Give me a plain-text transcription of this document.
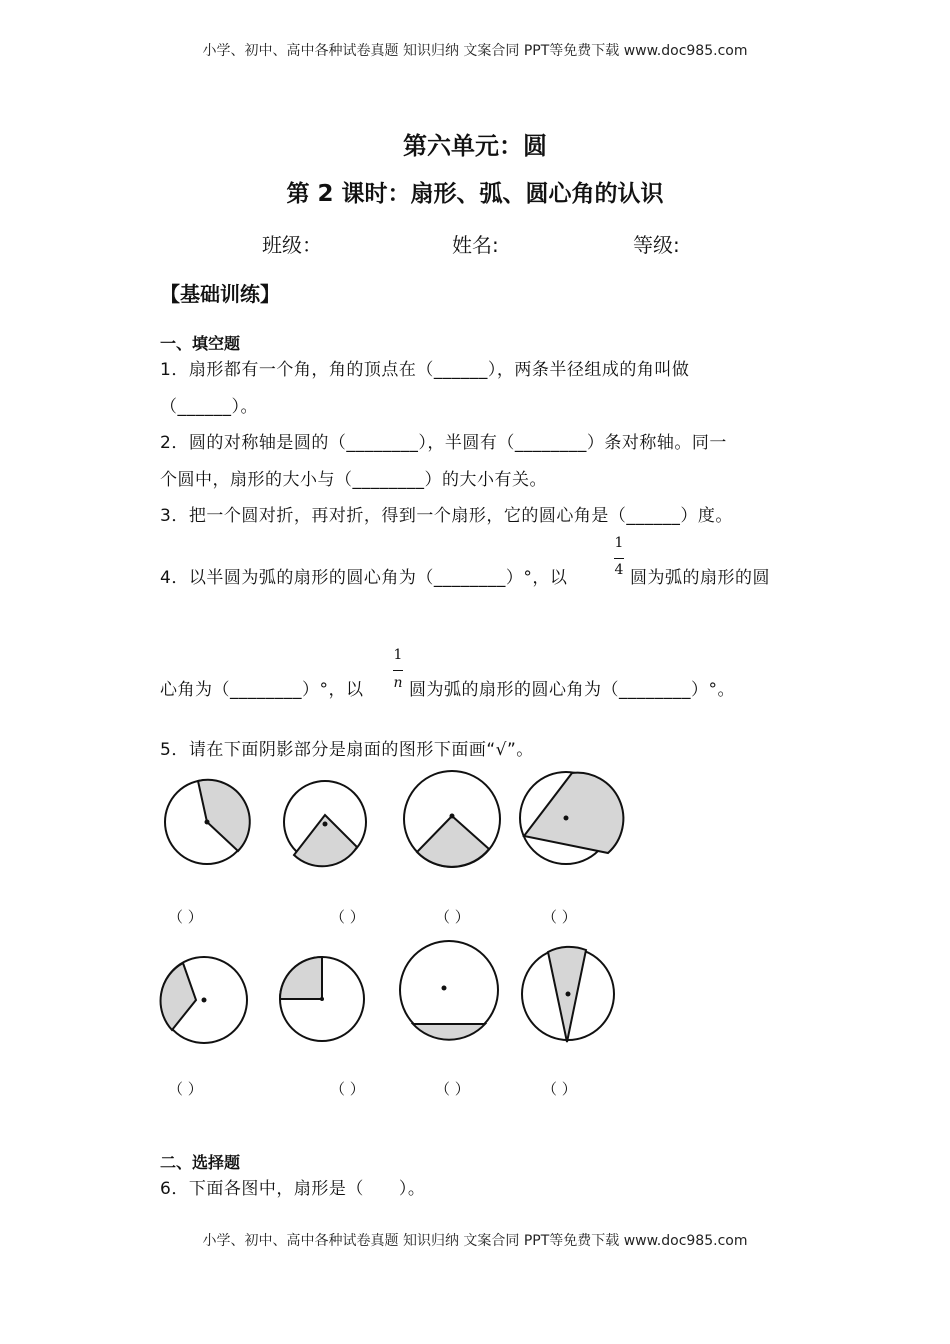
小学、初中、高中各种试卷真题 知识归纳 文案合同 PPT等免费下载 www.doc985.com
小学、初中、高中各种试卷真题 知识归纳 文案合同 PPT等免费下载 www.doc985.com
第六单元：圆
第 2 课时：扇形、弧、圆心角的认识
班级：	姓名:	等级:
【基础训练】
一、填空题
1．扇形都有一个角，角的顶点在（______），两条半径组成的角叫做
（______）。
2．圆的对称轴是圆的（________），半圆有（________）条对称轴。同一
个圆中，扇形的大小与（________）的大小有关。
3．把一个圆对折，再对折，得到一个扇形，它的圆心角是（______）度。
4．以半圆为弧的扇形的圆心角为（________）°，以
1
4 圆为弧的扇形的圆
心角为（________）°，以
1
n 圆为弧的扇形的圆心角为（________）°。
5．请在下面阴影部分是扇面的图形下面画“√”。
（ ）	（ ）	（ ）	（ ）
（ ）	（ ）	（ ）	（ ）
二、选择题
6．下面各图中，扇形是（　　）。
